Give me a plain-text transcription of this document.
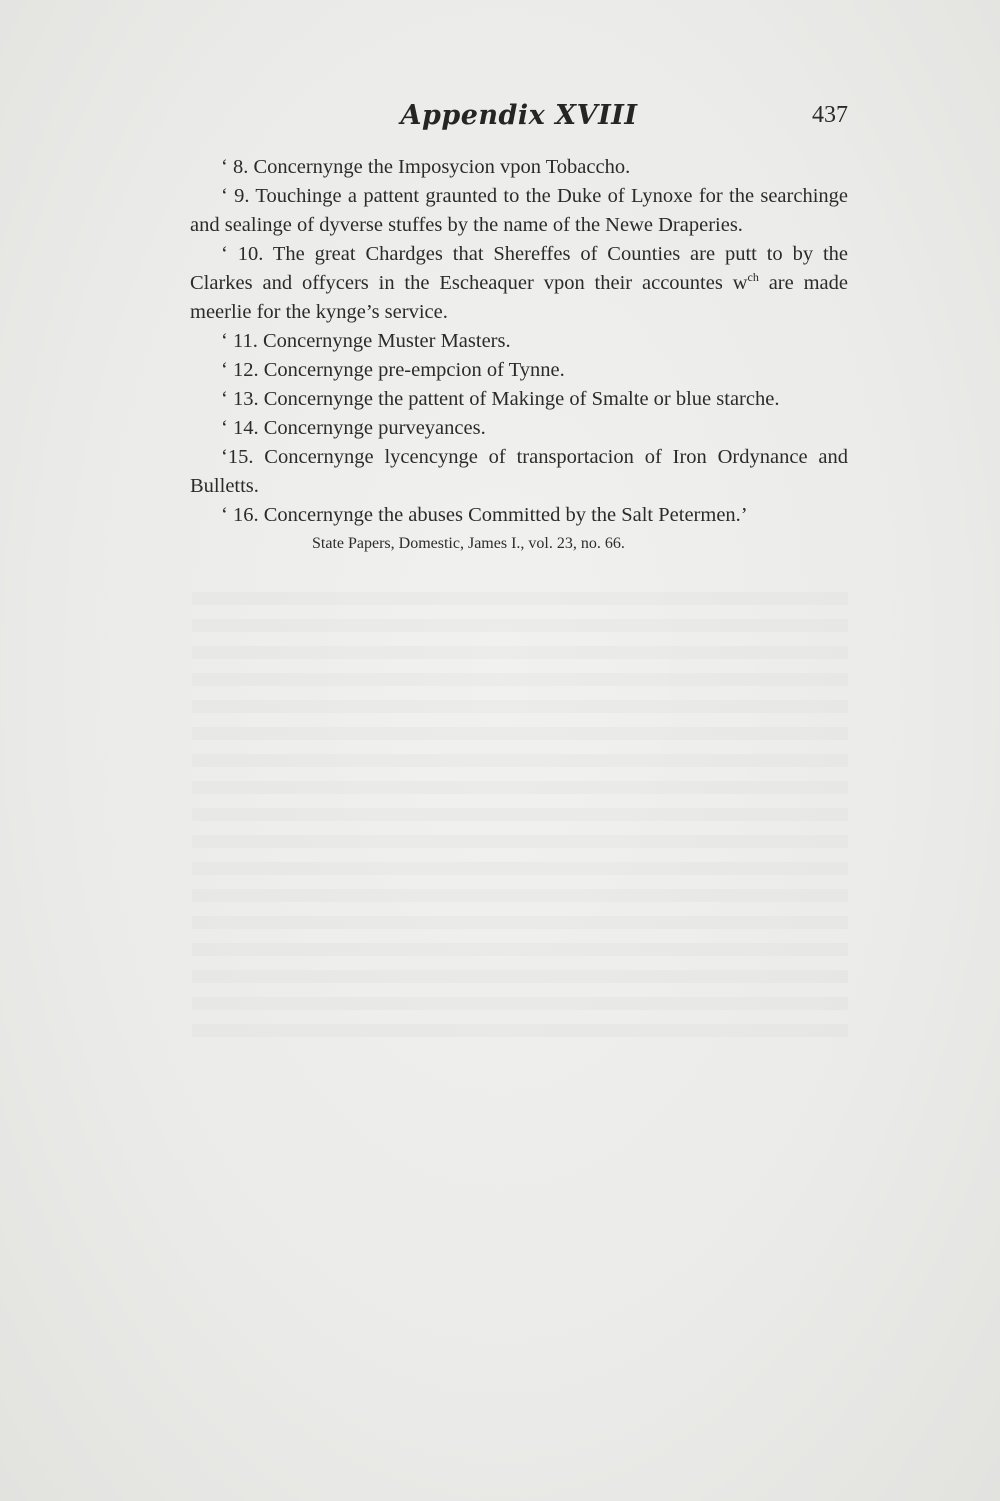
Appendix XVIII	437

‘ 8. Concernynge the Imposycion vpon Tobaccho.

‘ 9. Touchinge a pattent graunted to the Duke of Lynoxe for the searchinge and sealinge of dyverse stuffes by the name of the Newe Draperies.

‘ 10. The great Chardges that Shereffes of Counties are putt to by the Clarkes and offycers in the Escheaquer vpon their accountes $w^{ch}$ are made meerlie for the kynge’s service.

‘ 11. Concernynge Muster Masters.

‘ 12. Concernynge pre-empcion of Tynne.

‘ 13. Concernynge the pattent of Makinge of Smalte or blue starche.

‘ 14. Concernynge purveyances.

‘15. Concernynge lycencynge of transportacion of Iron Ordynance and Bulletts.

‘ 16. Concernynge the abuses Committed by the Salt Petermen.’

State Papers, Domestic, James I., vol. 23, no. 66.
